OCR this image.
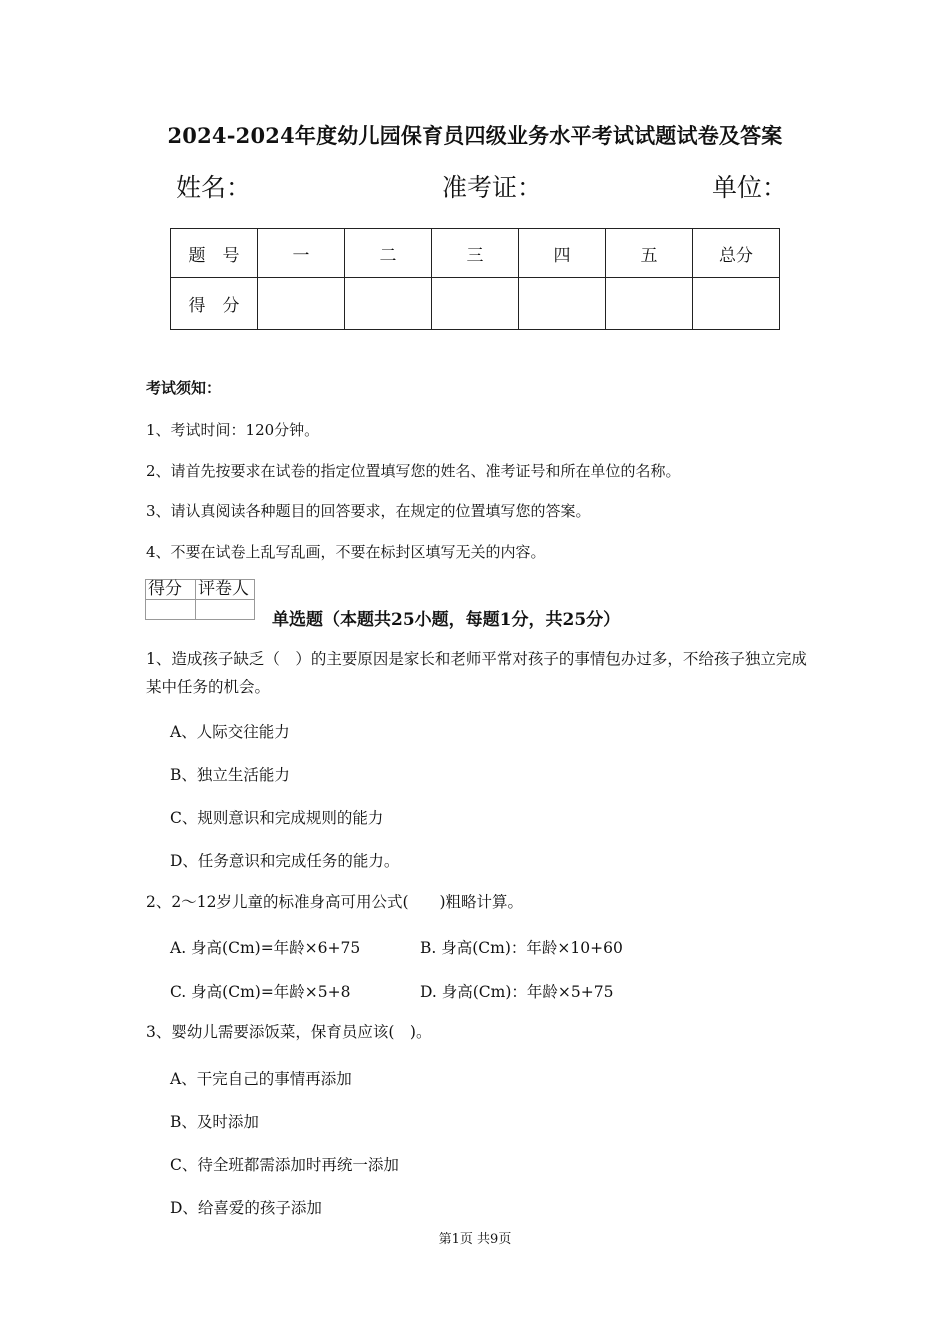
2024-2024年度幼儿园保育员四级业务水平考试试题试卷及答案
姓名：	准考证：	单位：
题　号	一	二	三	四	五	总分
得　分						
考试须知：
1、考试时间：120分钟。
2、请首先按要求在试卷的指定位置填写您的姓名、准考证号和所在单位的名称。
3、请认真阅读各种题目的回答要求，在规定的位置填写您的答案。
4、不要在试卷上乱写乱画，不要在标封区填写无关的内容。
得分	评卷人

单选题（本题共25小题，每题1分，共25分）
1、造成孩子缺乏（　）的主要原因是家长和老师平常对孩子的事情包办过多，不给孩子独立完成某中任务的机会。
A、人际交往能力
B、独立生活能力
C、规则意识和完成规则的能力
D、任务意识和完成任务的能力。
2、2～12岁儿童的标准身高可用公式(　　)粗略计算。
A. 身高(Cm)=年龄×6+75	B. 身高(Cm)：年龄×10+60
C. 身高(Cm)=年龄×5+8	D. 身高(Cm)：年龄×5+75
3、婴幼儿需要添饭菜，保育员应该(　)。
A、干完自己的事情再添加
B、及时添加
C、待全班都需添加时再统一添加
D、给喜爱的孩子添加
第1页 共9页
